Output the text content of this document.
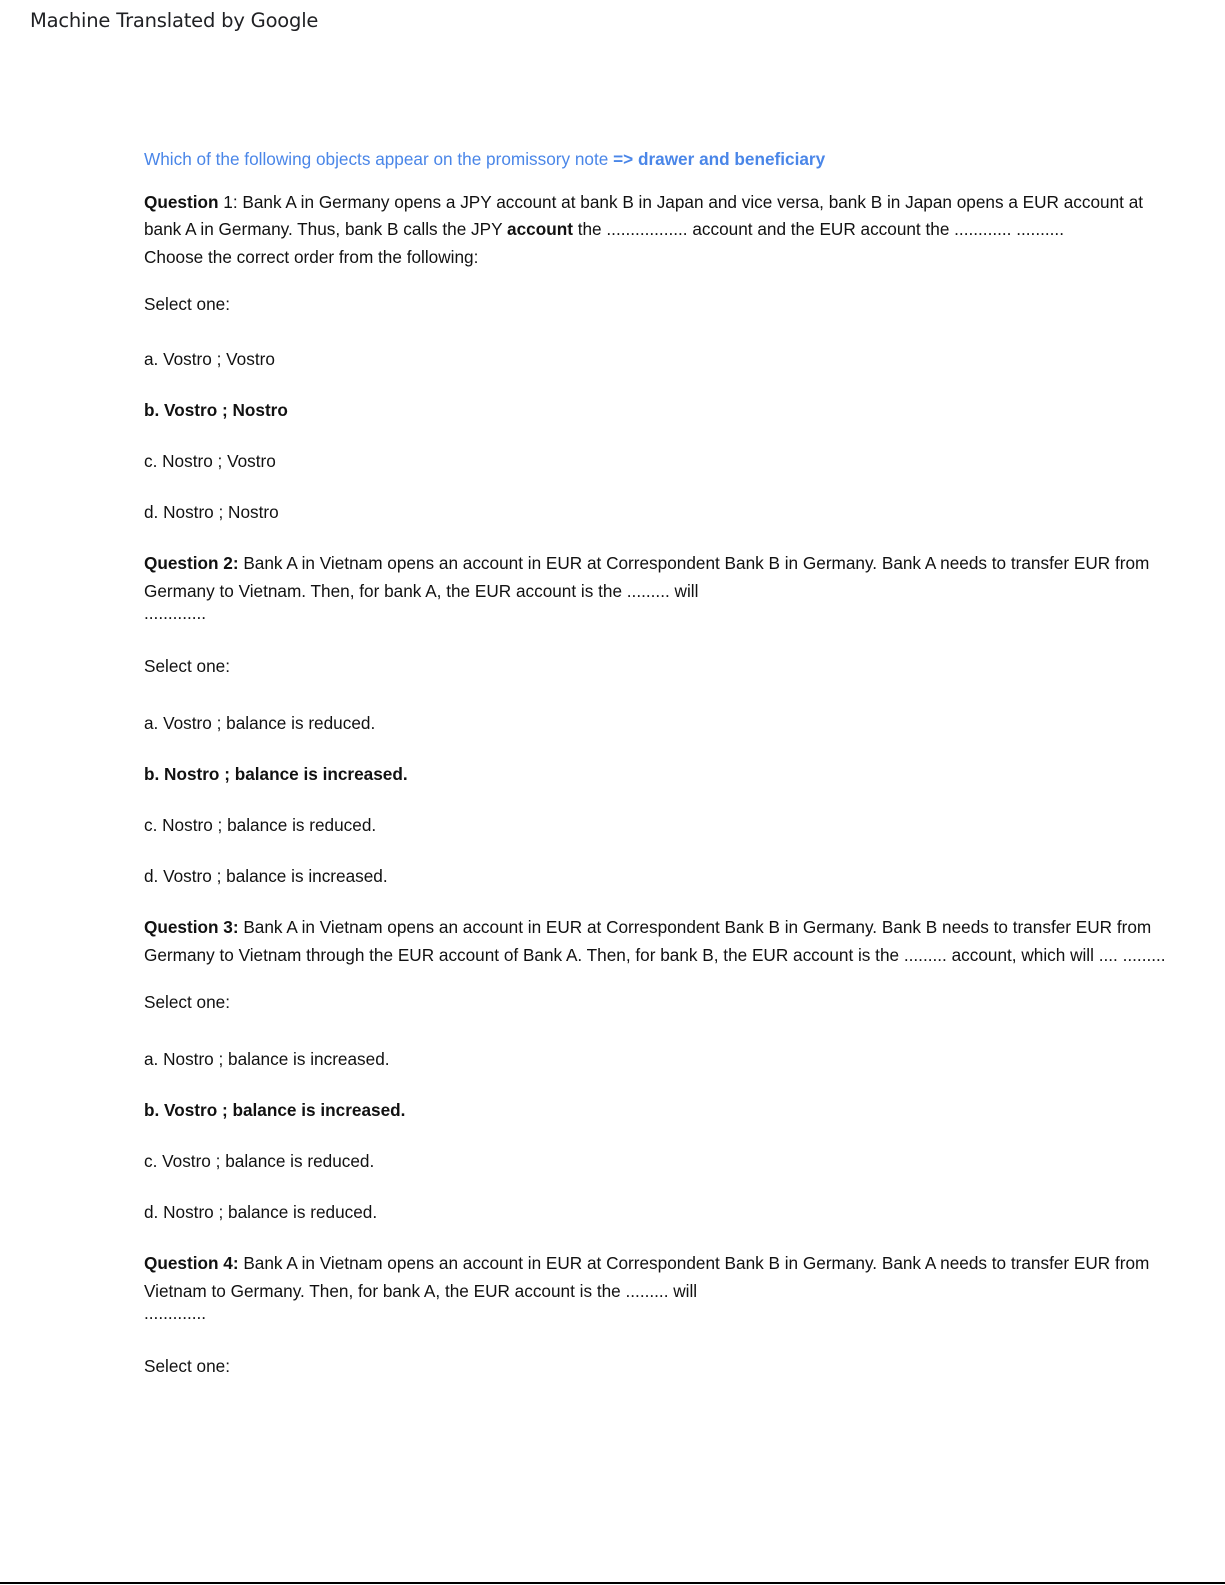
Machine Translated by Google

Which of the following objects appear on the promissory note => drawer and beneficiary

Question 1: Bank A in Germany opens a JPY account at bank B in Japan and vice versa, bank B in Japan opens a EUR account at bank A in Germany. Thus, bank B calls the JPY account the ................. account and the EUR account the ............ ..........

Choose the correct order from the following:

Select one:

a. Vostro ; Vostro

b. Vostro ; Nostro

c. Nostro ; Vostro

d. Nostro ; Nostro

Question 2: Bank A in Vietnam opens an account in EUR at Correspondent Bank B in Germany. Bank A needs to transfer EUR from Germany to Vietnam. Then, for bank A, the EUR account is the ......... will

.............

Select one:

a. Vostro ; balance is reduced.

b. Nostro ; balance is increased.

c. Nostro ; balance is reduced.

d. Vostro ; balance is increased.

Question 3: Bank A in Vietnam opens an account in EUR at Correspondent Bank B in Germany. Bank B needs to transfer EUR from Germany to Vietnam through the EUR account of Bank A. Then, for bank B, the EUR account is the ......... account, which will .... .........

Select one:

a. Nostro ; balance is increased.

b. Vostro ; balance is increased.

c. Vostro ; balance is reduced.

d. Nostro ; balance is reduced.

Question 4: Bank A in Vietnam opens an account in EUR at Correspondent Bank B in Germany. Bank A needs to transfer EUR from Vietnam to Germany. Then, for bank A, the EUR account is the ......... will

.............

Select one:
